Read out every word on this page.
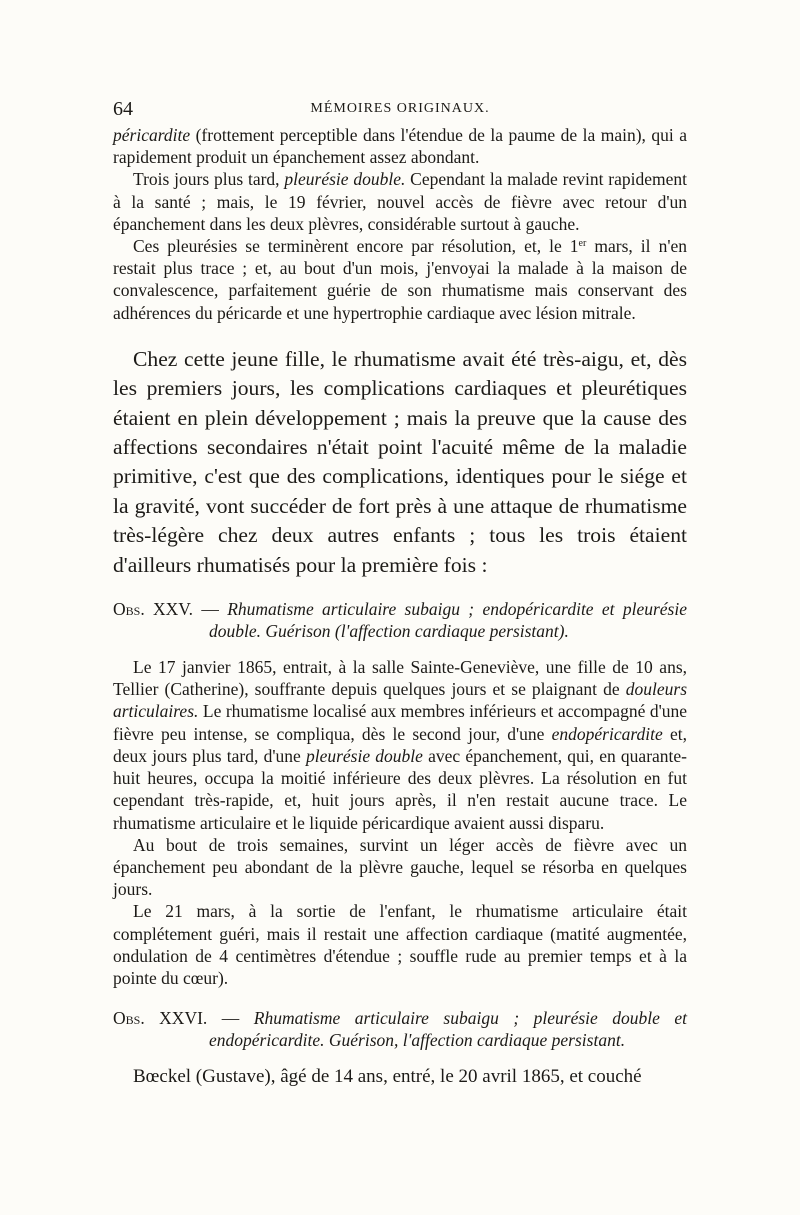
64	MÉMOIRES ORIGINAUX.

péricardite (frottement perceptible dans l'étendue de la paume de la main), qui a rapidement produit un épanchement assez abondant.

Trois jours plus tard, pleurésie double. Cependant la malade revint rapidement à la santé ; mais, le 19 février, nouvel accès de fièvre avec retour d'un épanchement dans les deux plèvres, considérable surtout à gauche.

Ces pleurésies se terminèrent encore par résolution, et, le 1er mars, il n'en restait plus trace ; et, au bout d'un mois, j'envoyai la malade à la maison de convalescence, parfaitement guérie de son rhumatisme mais conservant des adhérences du péricarde et une hypertrophie cardiaque avec lésion mitrale.

Chez cette jeune fille, le rhumatisme avait été très-aigu, et, dès les premiers jours, les complications cardiaques et pleurétiques étaient en plein développement ; mais la preuve que la cause des affections secondaires n'était point l'acuité même de la maladie primitive, c'est que des complications, identiques pour le siége et la gravité, vont succéder de fort près à une attaque de rhumatisme très-légère chez deux autres enfants ; tous les trois étaient d'ailleurs rhumatisés pour la première fois :

Obs. XXV. — Rhumatisme articulaire subaigu ; endopéricardite et pleurésie double. Guérison (l'affection cardiaque persistant).

Le 17 janvier 1865, entrait, à la salle Sainte-Geneviève, une fille de 10 ans, Tellier (Catherine), souffrante depuis quelques jours et se plaignant de douleurs articulaires. Le rhumatisme localisé aux membres inférieurs et accompagné d'une fièvre peu intense, se compliqua, dès le second jour, d'une endopéricardite et, deux jours plus tard, d'une pleurésie double avec épanchement, qui, en quarante-huit heures, occupa la moitié inférieure des deux plèvres. La résolution en fut cependant très-rapide, et, huit jours après, il n'en restait aucune trace. Le rhumatisme articulaire et le liquide péricardique avaient aussi disparu.

Au bout de trois semaines, survint un léger accès de fièvre avec un épanchement peu abondant de la plèvre gauche, lequel se résorba en quelques jours.

Le 21 mars, à la sortie de l'enfant, le rhumatisme articulaire était complétement guéri, mais il restait une affection cardiaque (matité augmentée, ondulation de 4 centimètres d'étendue ; souffle rude au premier temps et à la pointe du cœur).

Obs. XXVI. — Rhumatisme articulaire subaigu ; pleurésie double et endopéricardite. Guérison, l'affection cardiaque persistant.

Bœckel (Gustave), âgé de 14 ans, entré, le 20 avril 1865, et couché
